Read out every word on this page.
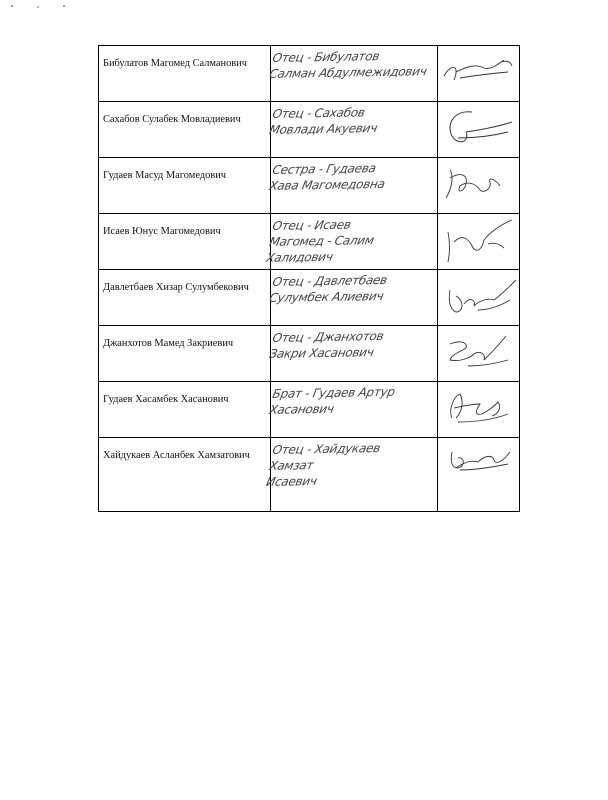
Бибулатов Магомед Салманович	Отец - Бибулатов
Салман Абдулмежидович

Сахабов Сулабек Мовладиевич	Отец - Сахабов
Мовлади Акуевич

Гудаев Масуд Магомедович	Сестра - Гудаева
Хава Магомедовна

Исаев Юнус Магомедович	Отец - Исаев
Магомед - Салим
Халидович

Давлетбаев Хизар Сулумбекович	Отец - Давлетбаев
Сулумбек Алиевич

Джанхотов Мамед Закриевич	Отец - Джанхотов
Закри Хасанович

Гудаев Хасамбек Хасанович	Брат - Гудаев Артур
Хасанович

Хайдукаев Асланбек Хамзатович	Отец - Хайдукаев
Хамзат
Исаевич
